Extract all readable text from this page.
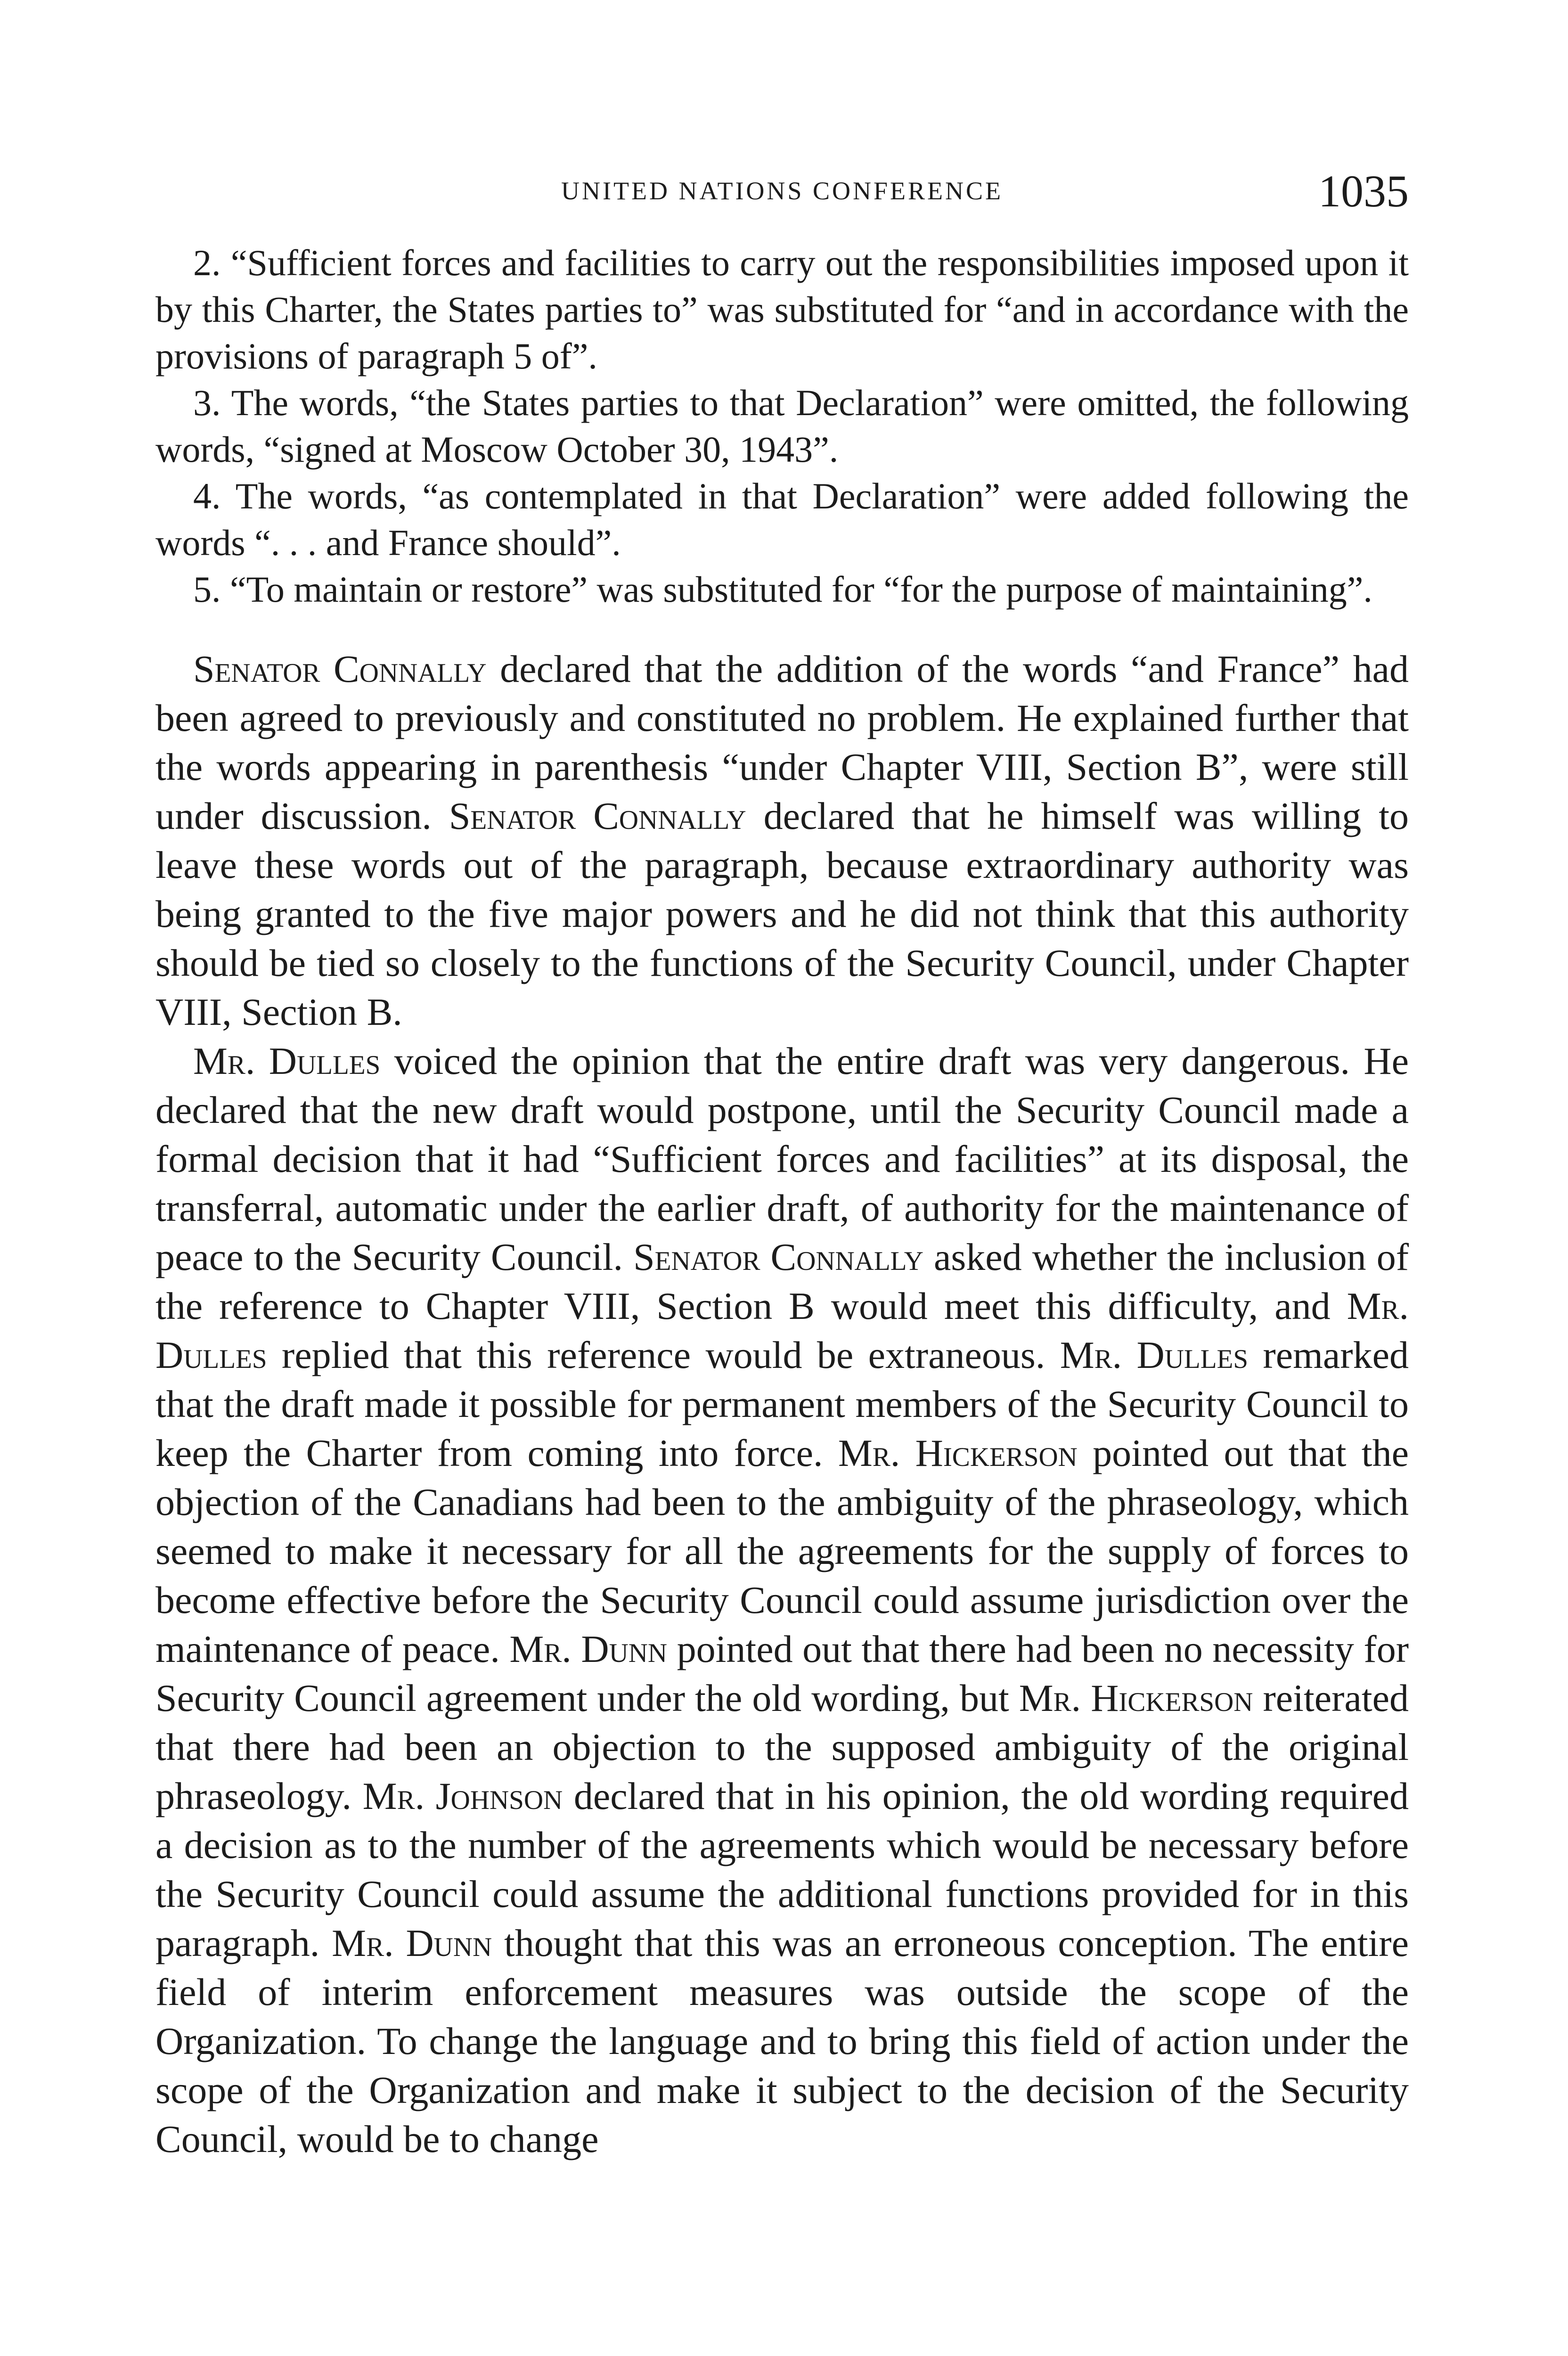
UNITED NATIONS CONFERENCE	1035

2. “Sufficient forces and facilities to carry out the responsibilities imposed upon it by this Charter, the States parties to” was substituted for “and in accordance with the provisions of paragraph 5 of”.

3. The words, “the States parties to that Declaration” were omitted, the following words, “signed at Moscow October 30, 1943”.

4. The words, “as contemplated in that Declaration” were added following the words “. . . and France should”.

5. “To maintain or restore” was substituted for “for the purpose of maintaining”.

Senator Connally declared that the addition of the words “and France” had been agreed to previously and constituted no problem. He explained further that the words appearing in parenthesis “under Chapter VIII, Section B”, were still under discussion. Senator Connally declared that he himself was willing to leave these words out of the paragraph, because extraordinary authority was being granted to the five major powers and he did not think that this authority should be tied so closely to the functions of the Security Council, under Chapter VIII, Section B.

Mr. Dulles voiced the opinion that the entire draft was very dangerous. He declared that the new draft would postpone, until the Security Council made a formal decision that it had “Sufficient forces and facilities” at its disposal, the transferral, automatic under the earlier draft, of authority for the maintenance of peace to the Security Council. Senator Connally asked whether the inclusion of the reference to Chapter VIII, Section B would meet this difficulty, and Mr. Dulles replied that this reference would be extraneous. Mr. Dulles remarked that the draft made it possible for permanent members of the Security Council to keep the Charter from coming into force. Mr. Hickerson pointed out that the objection of the Canadians had been to the ambiguity of the phraseology, which seemed to make it necessary for all the agreements for the supply of forces to become effective before the Security Council could assume jurisdiction over the maintenance of peace. Mr. Dunn pointed out that there had been no necessity for Security Council agreement under the old wording, but Mr. Hickerson reiterated that there had been an objection to the supposed ambiguity of the original phraseology. Mr. Johnson declared that in his opinion, the old wording required a decision as to the number of the agreements which would be necessary before the Security Council could assume the additional functions provided for in this paragraph. Mr. Dunn thought that this was an erroneous conception. The entire field of interim enforcement measures was outside the scope of the Organization. To change the language and to bring this field of action under the scope of the Organization and make it subject to the decision of the Security Council, would be to change
